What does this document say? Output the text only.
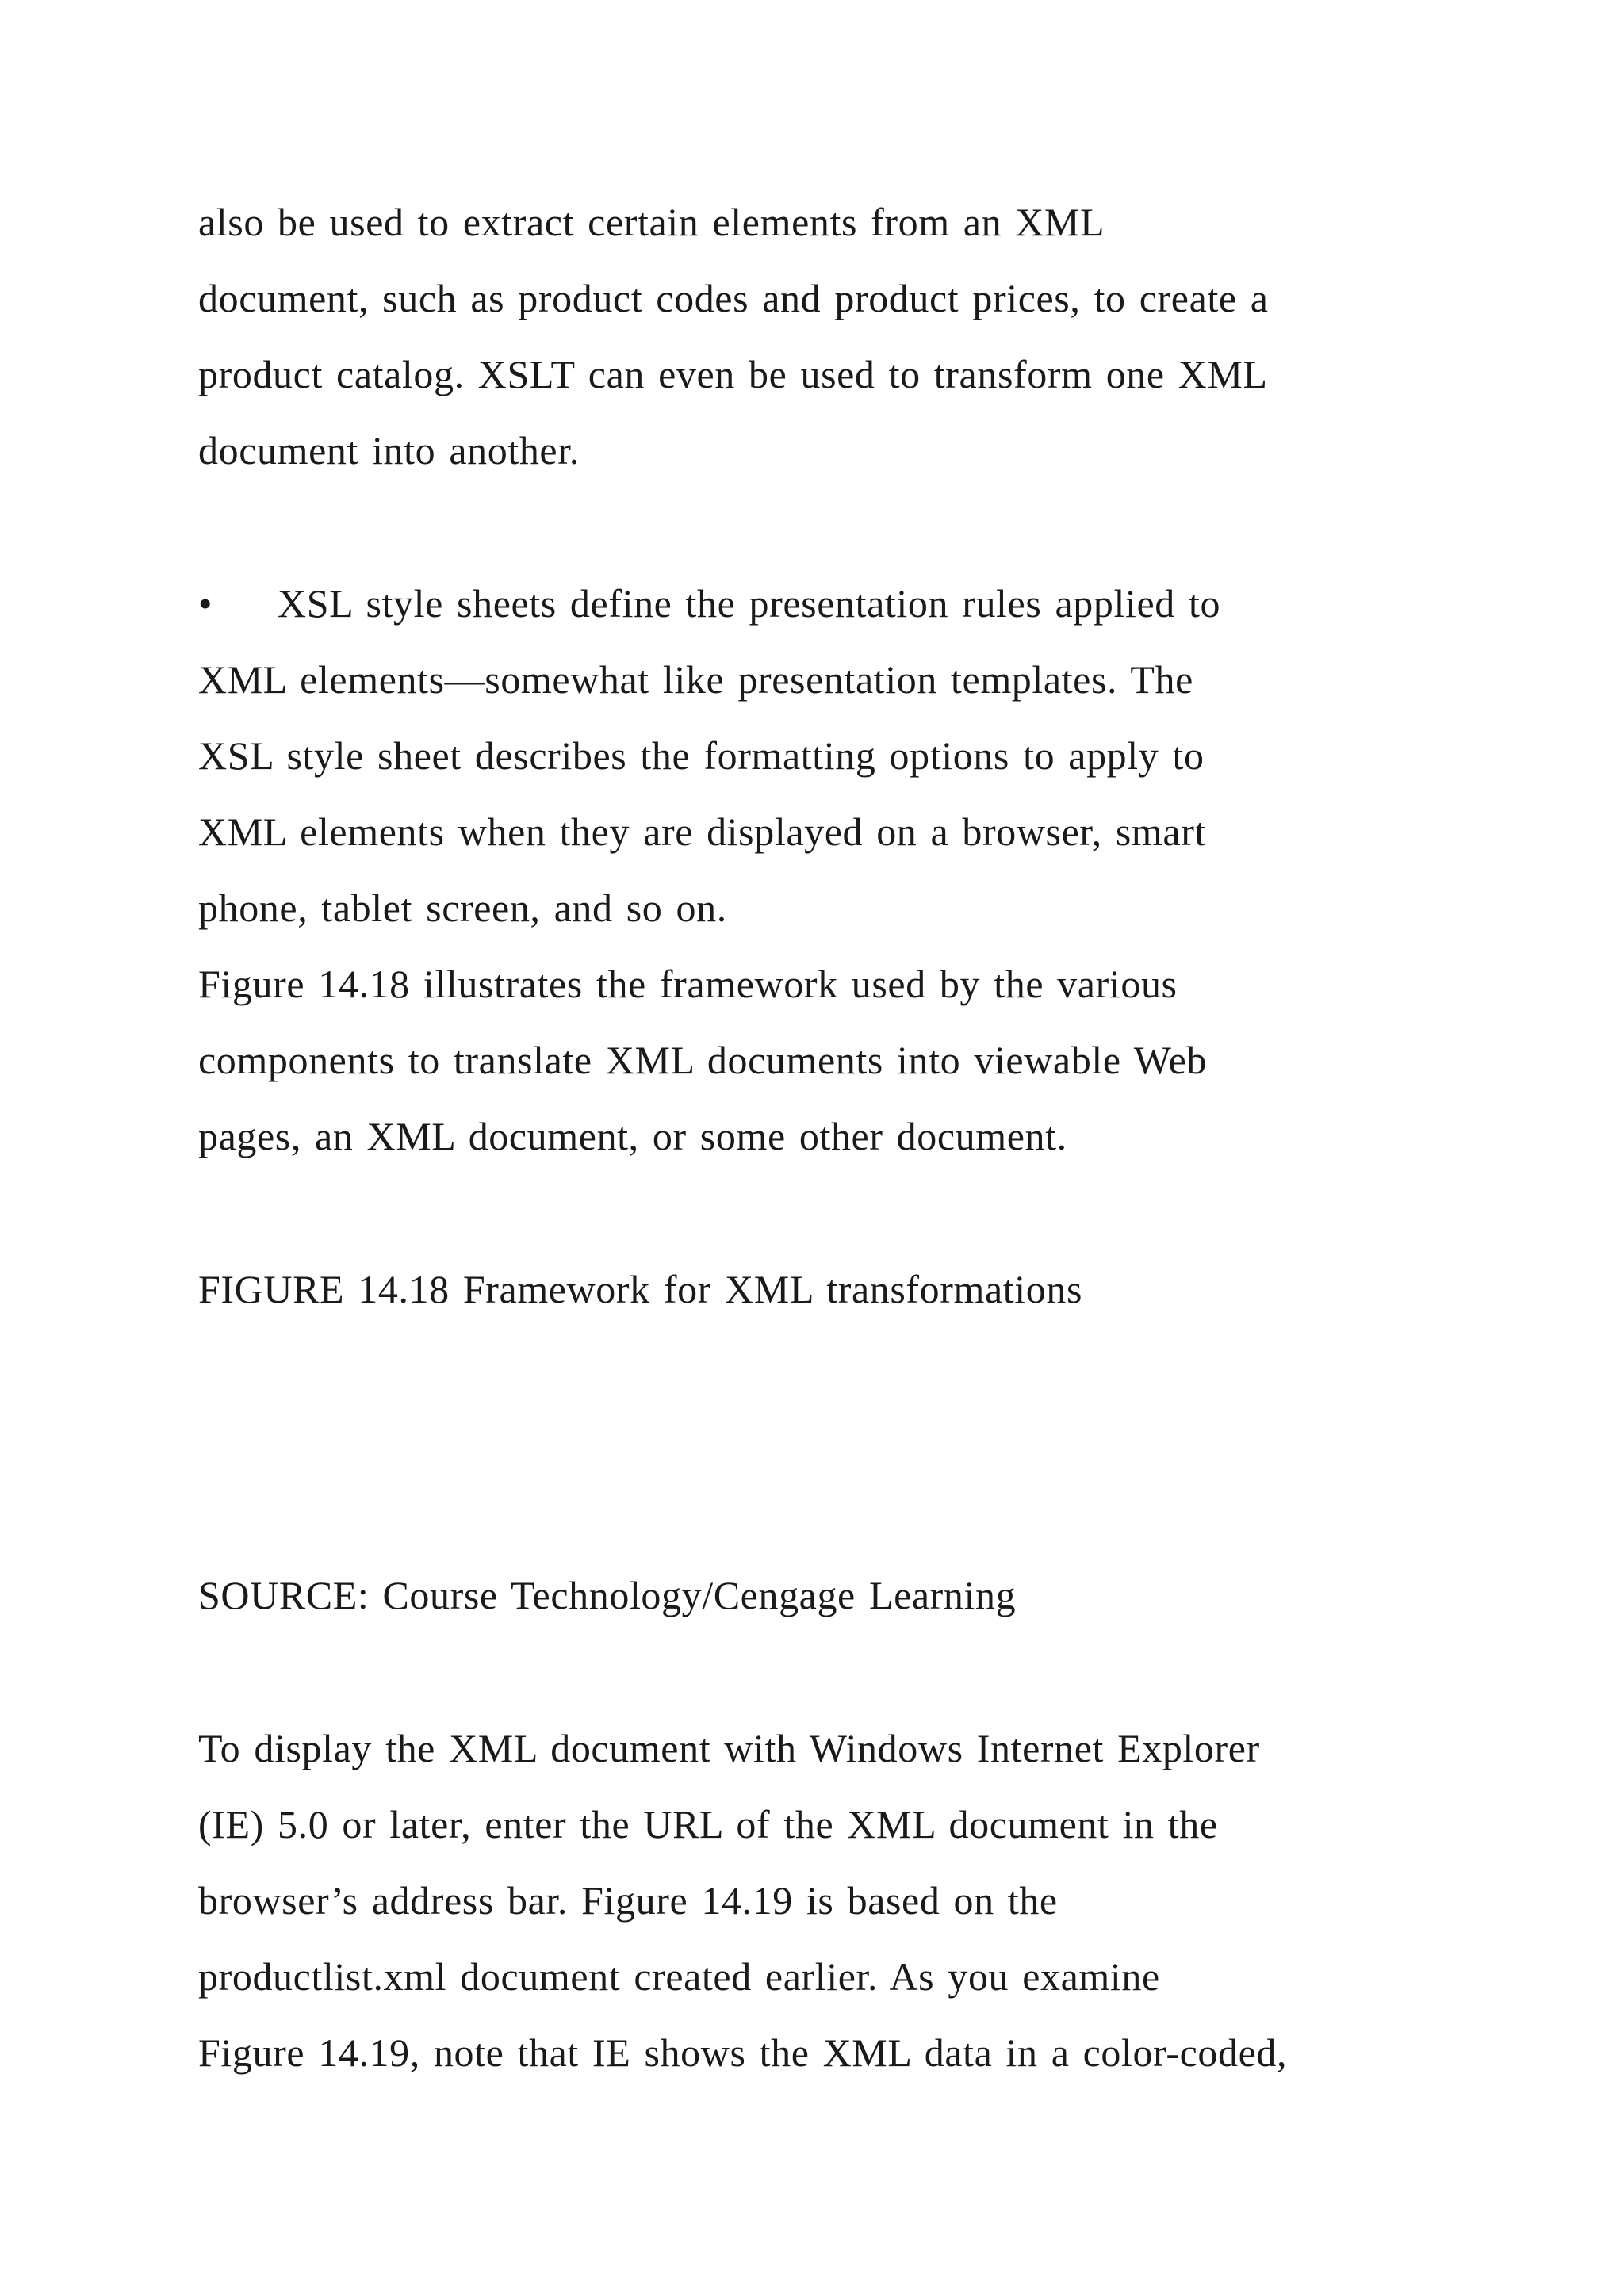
also be used to extract certain elements from an XML

document, such as product codes and product prices, to create a

product catalog. XSLT can even be used to transform one XML

document into another.

• XSL style sheets define the presentation rules applied to

XML elements—somewhat like presentation templates. The

XSL style sheet describes the formatting options to apply to

XML elements when they are displayed on a browser, smart

phone, tablet screen, and so on.

Figure 14.18 illustrates the framework used by the various

components to translate XML documents into viewable Web

pages, an XML document, or some other document.

FIGURE 14.18 Framework for XML transformations

SOURCE: Course Technology/Cengage Learning

To display the XML document with Windows Internet Explorer

(IE) 5.0 or later, enter the URL of the XML document in the

browser’s address bar. Figure 14.19 is based on the

productlist.xml document created earlier. As you examine

Figure 14.19, note that IE shows the XML data in a color-coded,
